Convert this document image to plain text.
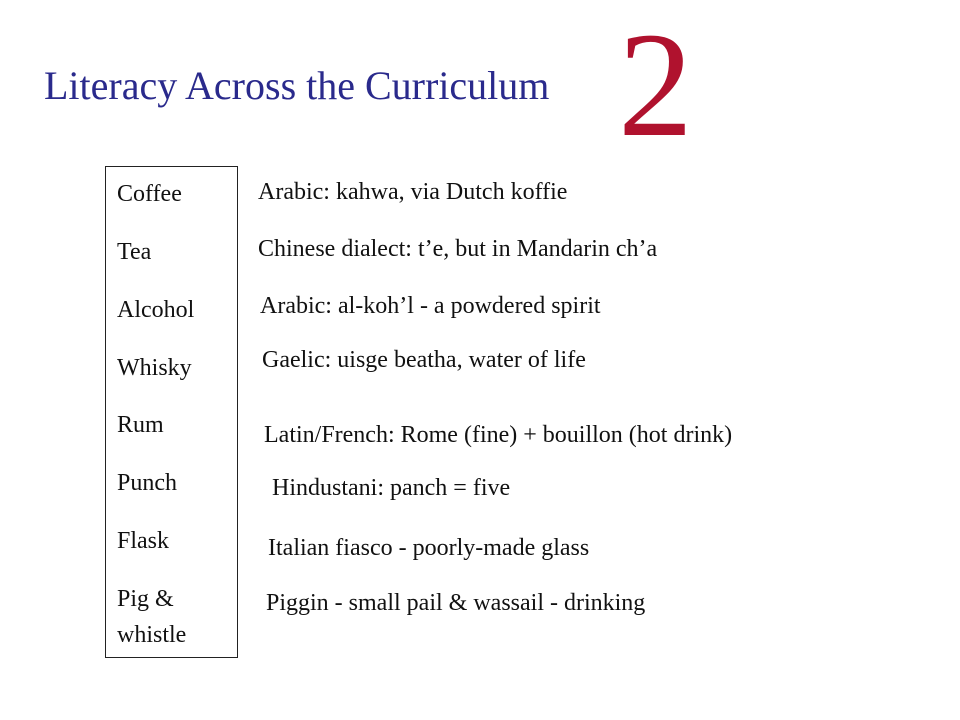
Literacy Across the Curriculum 2
Coffee
Tea
Alcohol
Whisky
Rum
Punch
Flask
Pig &
whistle
Arabic: kahwa, via Dutch koffie
Chinese dialect: t’e, but in Mandarin ch’a
Arabic: al-koh’l - a powdered spirit
Gaelic: uisge beatha, water of life
Latin/French: Rome (fine) + bouillon (hot drink)
Hindustani: panch = five
Italian fiasco - poorly-made glass
Piggin - small pail & wassail - drinking
